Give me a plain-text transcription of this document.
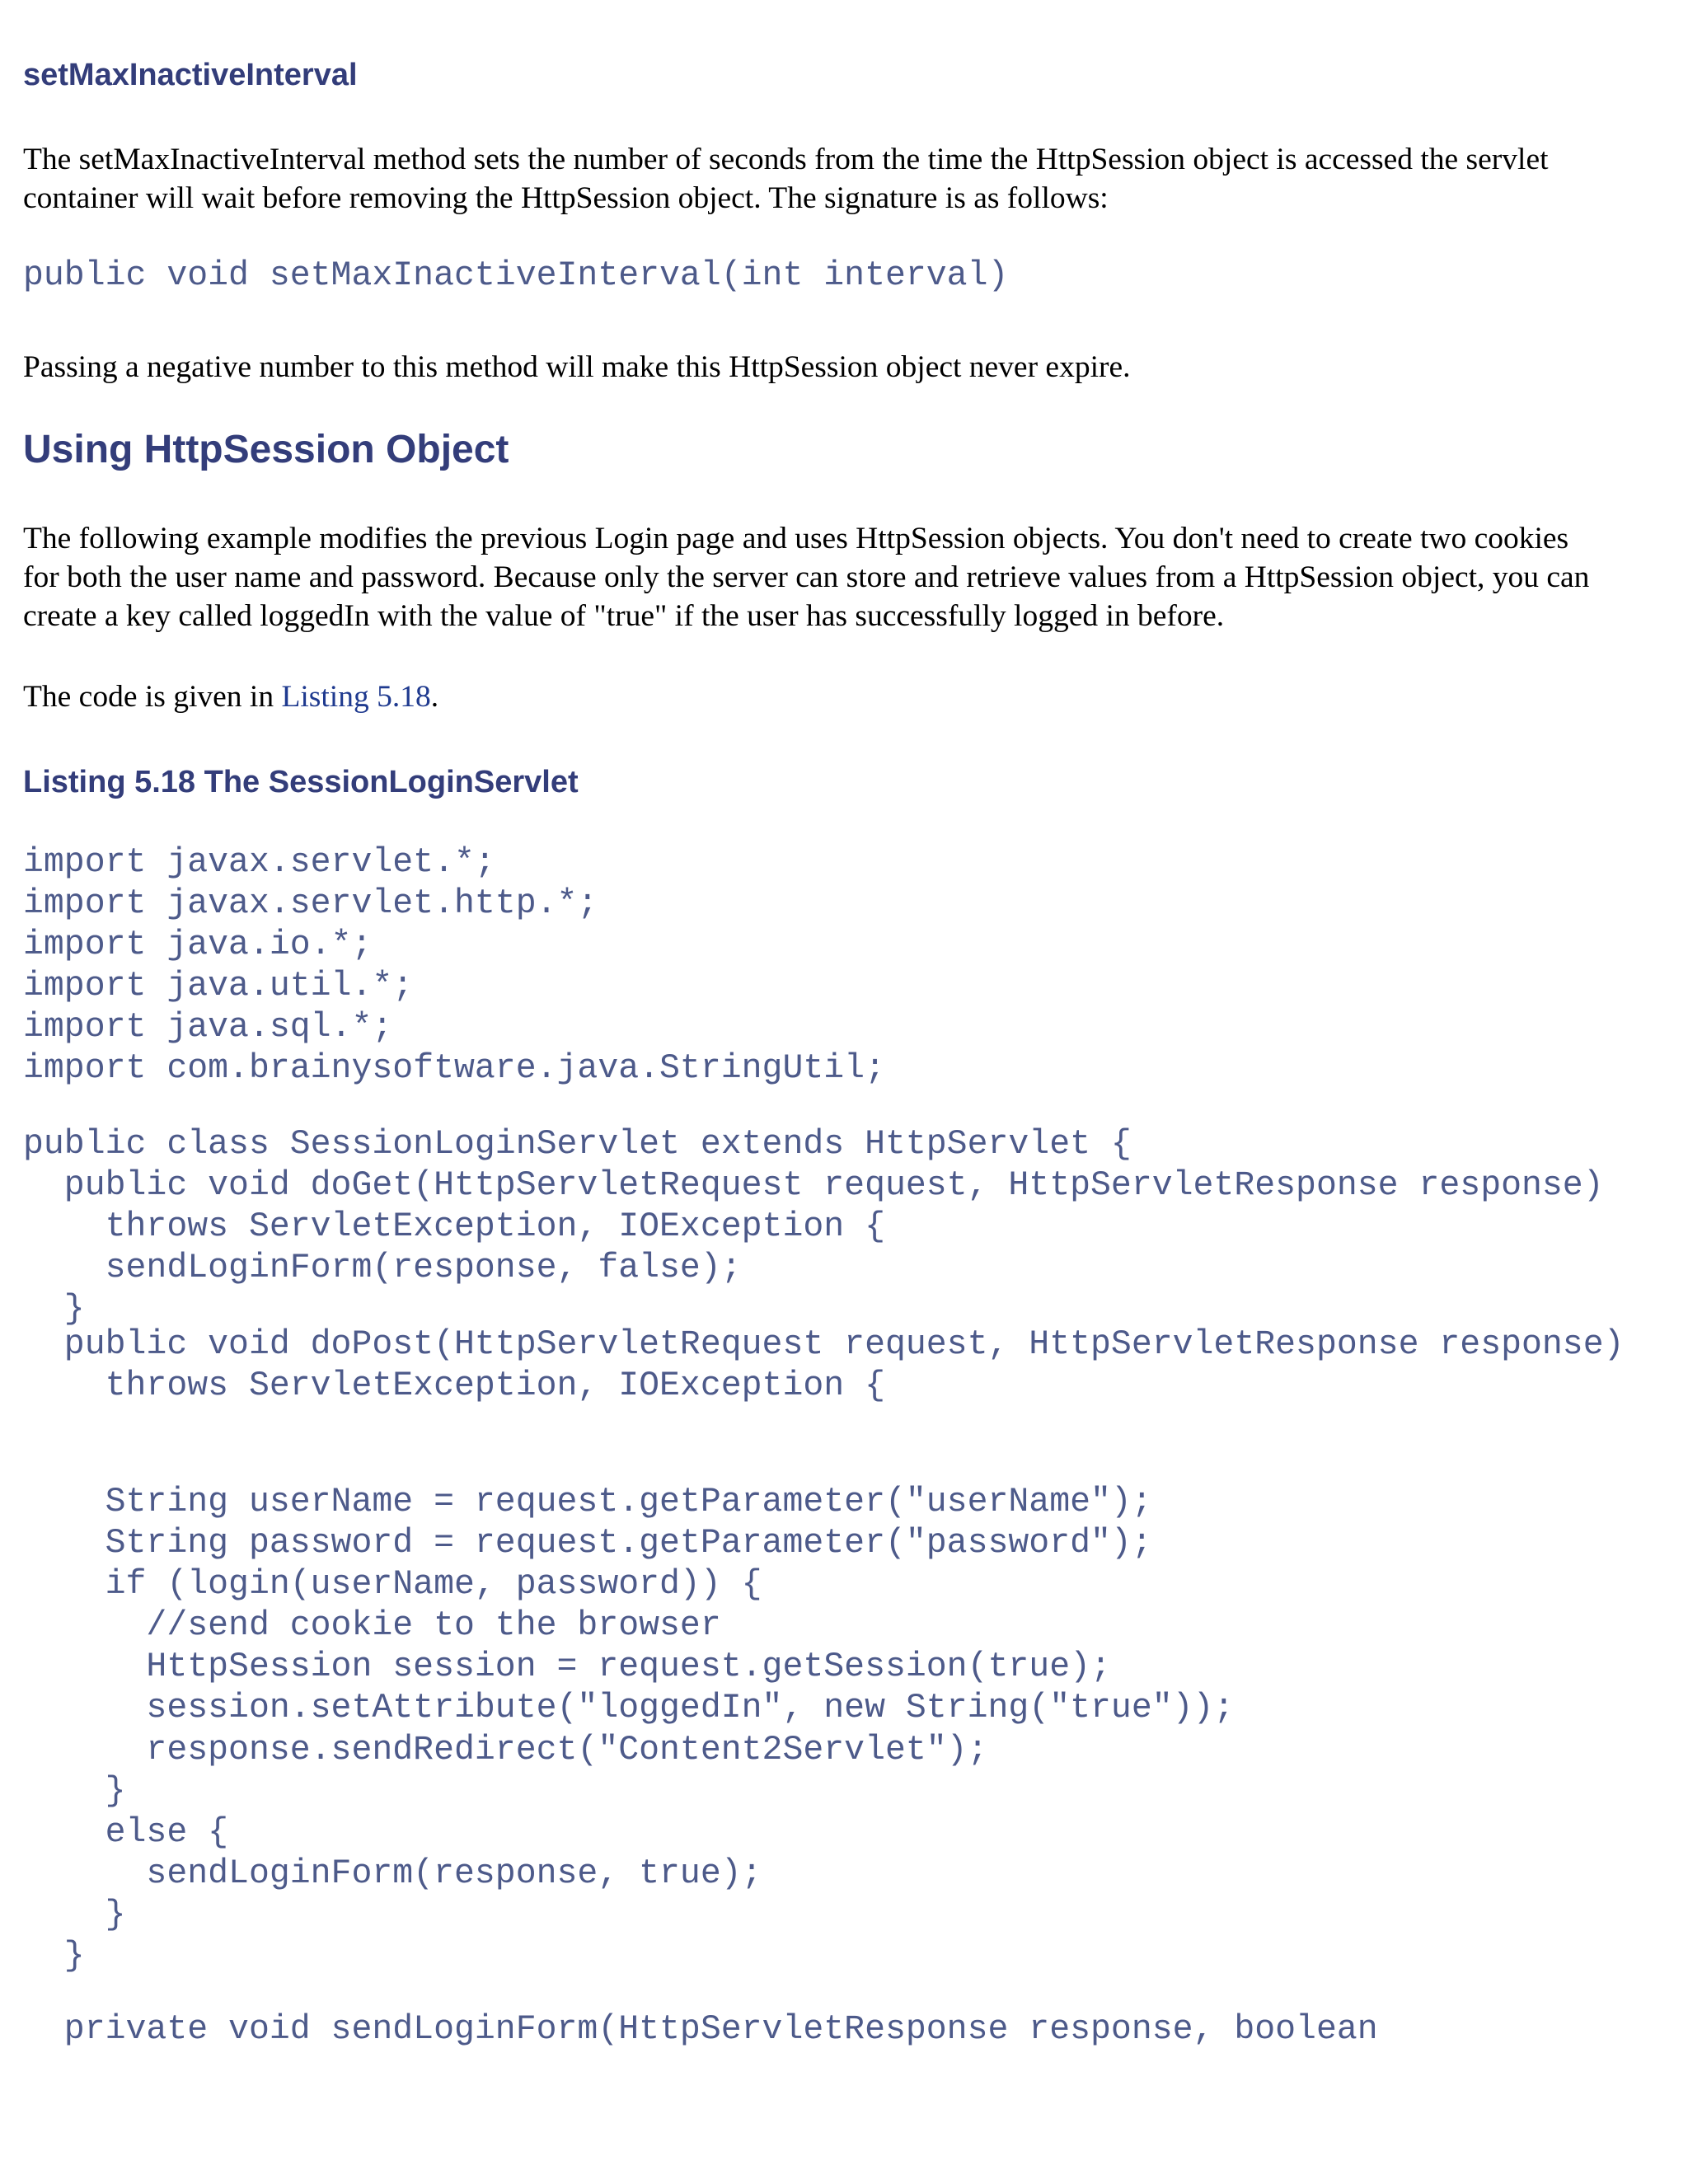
setMaxInactiveInterval

The setMaxInactiveInterval method sets the number of seconds from the time the HttpSession object is accessed the servlet
container will wait before removing the HttpSession object. The signature is as follows:

public void setMaxInactiveInterval(int interval)

Passing a negative number to this method will make this HttpSession object never expire.

Using HttpSession Object

The following example modifies the previous Login page and uses HttpSession objects. You don't need to create two cookies
for both the user name and password. Because only the server can store and retrieve values from a HttpSession object, you can
create a key called loggedIn with the value of "true" if the user has successfully logged in before.

The code is given in Listing 5.18.

Listing 5.18 The SessionLoginServlet
import javax.servlet.*;
import javax.servlet.http.*;
import java.io.*;
import java.util.*;
import java.sql.*;
import com.brainysoftware.java.StringUtil;
public class SessionLoginServlet extends HttpServlet {
public void doGet(HttpServletRequest request, HttpServletResponse response)
throws ServletException, IOException {
sendLoginForm(response, false);
}
public void doPost(HttpServletRequest request, HttpServletResponse response)
throws ServletException, IOException {
String userName = request.getParameter("userName");
String password = request.getParameter("password");
if (login(userName, password)) {
//send cookie to the browser
HttpSession session = request.getSession(true);
session.setAttribute("loggedIn", new String("true"));
response.sendRedirect("Content2Servlet");
}
else {
sendLoginForm(response, true);
}
}
private void sendLoginForm(HttpServletResponse response, boolean
